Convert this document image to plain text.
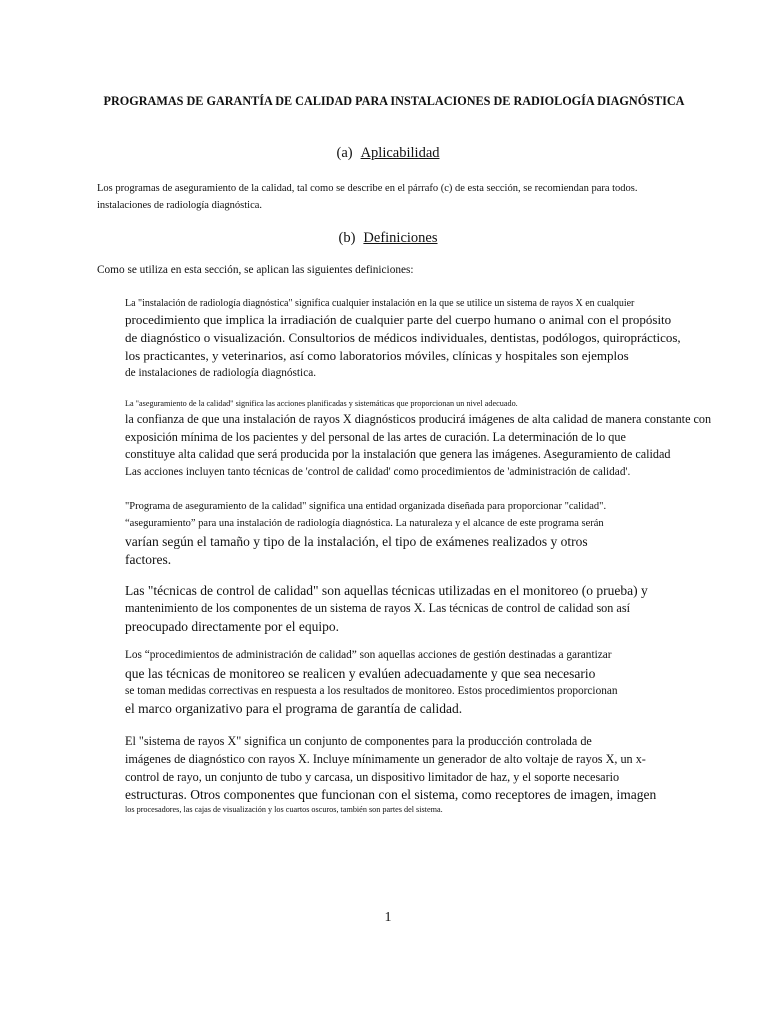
PROGRAMAS DE GARANTÍA DE CALIDAD PARA INSTALACIONES DE RADIOLOGÍA DIAGNÓSTICA
(a) Aplicabilidad
Los programas de aseguramiento de la calidad, tal como se describe en el párrafo (c) de esta sección, se recomiendan para todos.
instalaciones de radiología diagnóstica.
(b) Definiciones
Como se utiliza en esta sección, se aplican las siguientes definiciones:
La "instalación de radiología diagnóstica" significa cualquier instalación en la que se utilice un sistema de rayos X en cualquier
procedimiento que implica la irradiación de cualquier parte del cuerpo humano o animal con el propósito
de diagnóstico o visualización. Consultorios de médicos individuales, dentistas, podólogos, quiroprácticos,
los practicantes, y veterinarios, así como laboratorios móviles, clínicas y hospitales son ejemplos
de instalaciones de radiología diagnóstica.
La "aseguramiento de la calidad" significa las acciones planificadas y sistemáticas que proporcionan un nivel adecuado.
la confianza de que una instalación de rayos X diagnósticos producirá imágenes de alta calidad de manera constante con
exposición mínima de los pacientes y del personal de las artes de curación. La determinación de lo que
constituye alta calidad que será producida por la instalación que genera las imágenes. Aseguramiento de calidad
Las acciones incluyen tanto técnicas de 'control de calidad' como procedimientos de 'administración de calidad'.
"Programa de aseguramiento de la calidad" significa una entidad organizada diseñada para proporcionar "calidad".
“aseguramiento” para una instalación de radiología diagnóstica. La naturaleza y el alcance de este programa serán
varían según el tamaño y tipo de la instalación, el tipo de exámenes realizados y otros
factores.
Las "técnicas de control de calidad" son aquellas técnicas utilizadas en el monitoreo (o prueba) y
mantenimiento de los componentes de un sistema de rayos X. Las técnicas de control de calidad son así
preocupado directamente por el equipo.
Los “procedimientos de administración de calidad” son aquellas acciones de gestión destinadas a garantizar
que las técnicas de monitoreo se realicen y evalúen adecuadamente y que sea necesario
se toman medidas correctivas en respuesta a los resultados de monitoreo. Estos procedimientos proporcionan
el marco organizativo para el programa de garantía de calidad.
El "sistema de rayos X" significa un conjunto de componentes para la producción controlada de
imágenes de diagnóstico con rayos X. Incluye mínimamente un generador de alto voltaje de rayos X, un x-
control de rayo, un conjunto de tubo y carcasa, un dispositivo limitador de haz, y el soporte necesario
estructuras. Otros componentes que funcionan con el sistema, como receptores de imagen, imagen
los procesadores, las cajas de visualización y los cuartos oscuros, también son partes del sistema.
1
